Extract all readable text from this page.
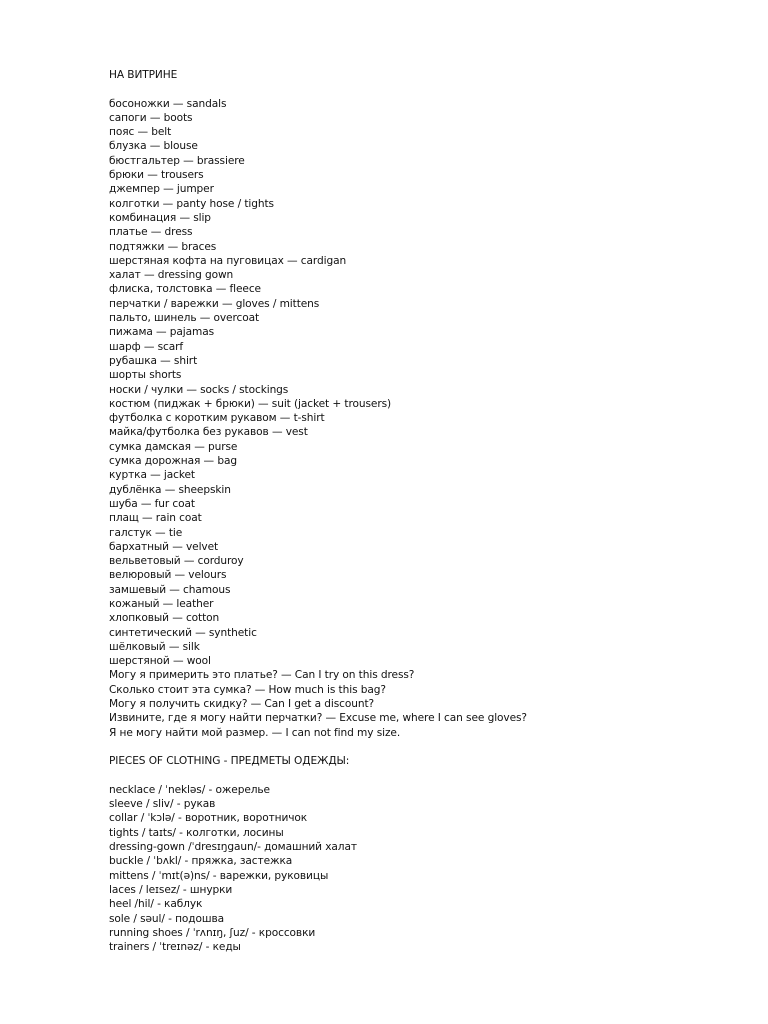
НА ВИТРИНЕ
босоножки — sandals
сапоги — boots
пояс — belt
блузка — blouse
бюстгальтер — brassiere
брюки — trousers
джемпер — jumper
колготки — panty hose / tights
комбинация — slip
платье — dress
подтяжки — braces
шерстяная кофта на пуговицах — cardigan
халат — dressing gown
флиска, толстовка — fleece
перчатки / варежки — gloves / mittens
пальто, шинель — overcoat
пижама — pajamas
шарф — scarf
рубашка — shirt
шорты shorts
носки / чулки — socks / stockings
костюм (пиджак + брюки) — suit (jacket + trousers)
футболка с коротким рукавом — t-shirt
майка/футболка без рукавов — vest
сумка дамская — purse
сумка дорожная — bag
куртка — jacket
дублёнка — sheepskin
шуба — fur coat
плащ — rain coat
галстук — tie
бархатный — velvet
вельветовый — corduroy
велюровый — velours
замшевый — chamous
кожаный — leather
хлопковый — cotton
синтетический — synthetic
шёлковый — silk
шерстяной — wool
Могу я примерить это платье? — Can I try on this dress?
Сколько стоит эта сумка? — How much is this bag?
Могу я получить скидку? — Can I get a discount?
Извините, где я могу найти перчатки? — Excuse me, where I can see gloves?
Я не могу найти мой размер. — I can not find my size.
PIECES OF CLOTHING - ПРЕДМЕТЫ ОДЕЖДЫ:
necklace / ˈnekləs/ - ожерелье
sleeve / sliv/ - рукав
collar / ˈkɔlə/ - воротник, воротничок
tights / taɪts/ - колготки, лосины
dressing-gown /ˈdresɪŋgaun/- домашний халат
buckle / ˈbʌkl/ - пряжка, застежка
mittens / ˈmɪt(ə)ns/ - варежки, руковицы
laces / leɪsez/ - шнурки
heel /hil/ - каблук
sole / səul/ - подошва
running shoes / ˈrʌnɪŋ, ʃuz/ - кроссовки
trainers / ˈtreɪnəz/ - кеды
